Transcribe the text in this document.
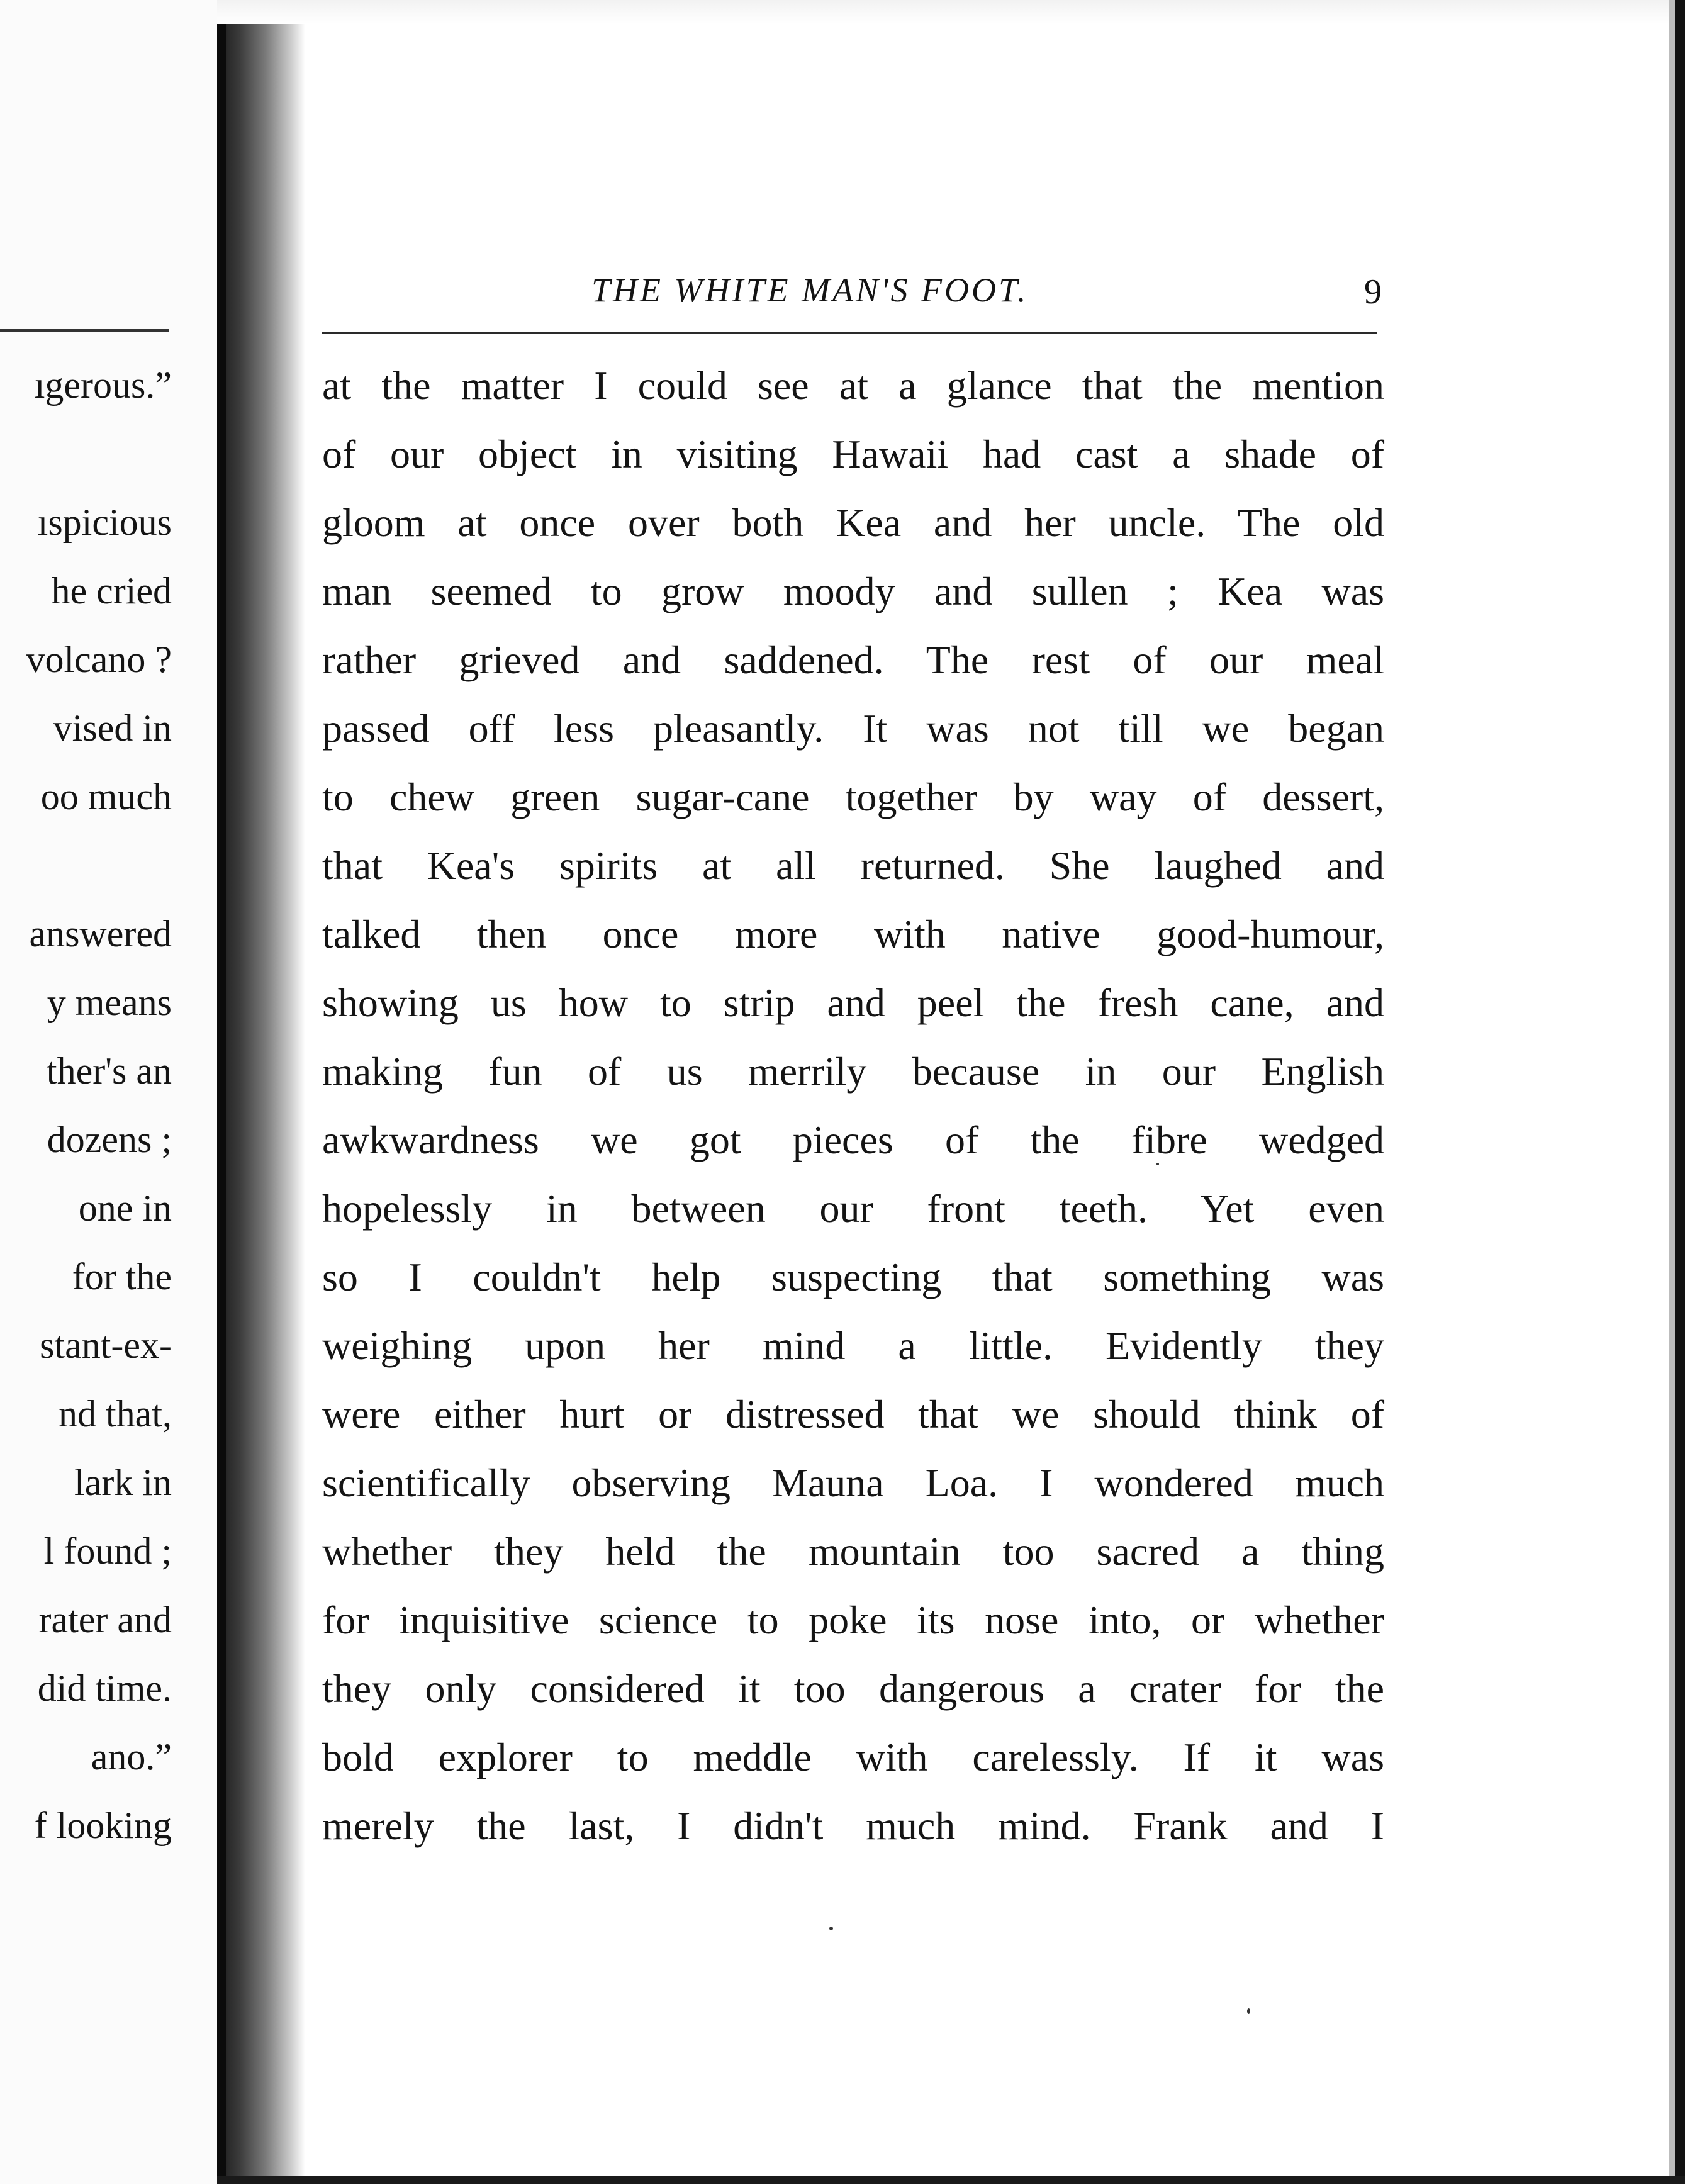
ıgerous.”
ıspicious
he cried
volcano ?
vised in
oo much
answered
y means
ther's an
dozens ;
one in
for the
stant-ex-
nd that,
lark in
l found ;
rater and
did time.
ano.”
f looking
THE WHITE MAN'S FOOT.	9
at the matter I could see at a glance that the mention
of our object in visiting Hawaii had cast a shade of
gloom at once over both Kea and her uncle. The old
man seemed to grow moody and sullen ; Kea was
rather grieved and saddened. The rest of our meal
passed off less pleasantly. It was not till we began
to chew green sugar-cane together by way of dessert,
that Kea's spirits at all returned. She laughed and
talked then once more with native good-humour,
showing us how to strip and peel the fresh cane, and
making fun of us merrily because in our English
awkwardness we got pieces of the fibre wedged
hopelessly in between our front teeth. Yet even
so I couldn't help suspecting that something was
weighing upon her mind a little. Evidently they
were either hurt or distressed that we should think of
scientifically observing Mauna Loa. I wondered much
whether they held the mountain too sacred a thing
for inquisitive science to poke its nose into, or whether
they only considered it too dangerous a crater for the
bold explorer to meddle with carelessly. If it was
merely the last, I didn't much mind. Frank and I
